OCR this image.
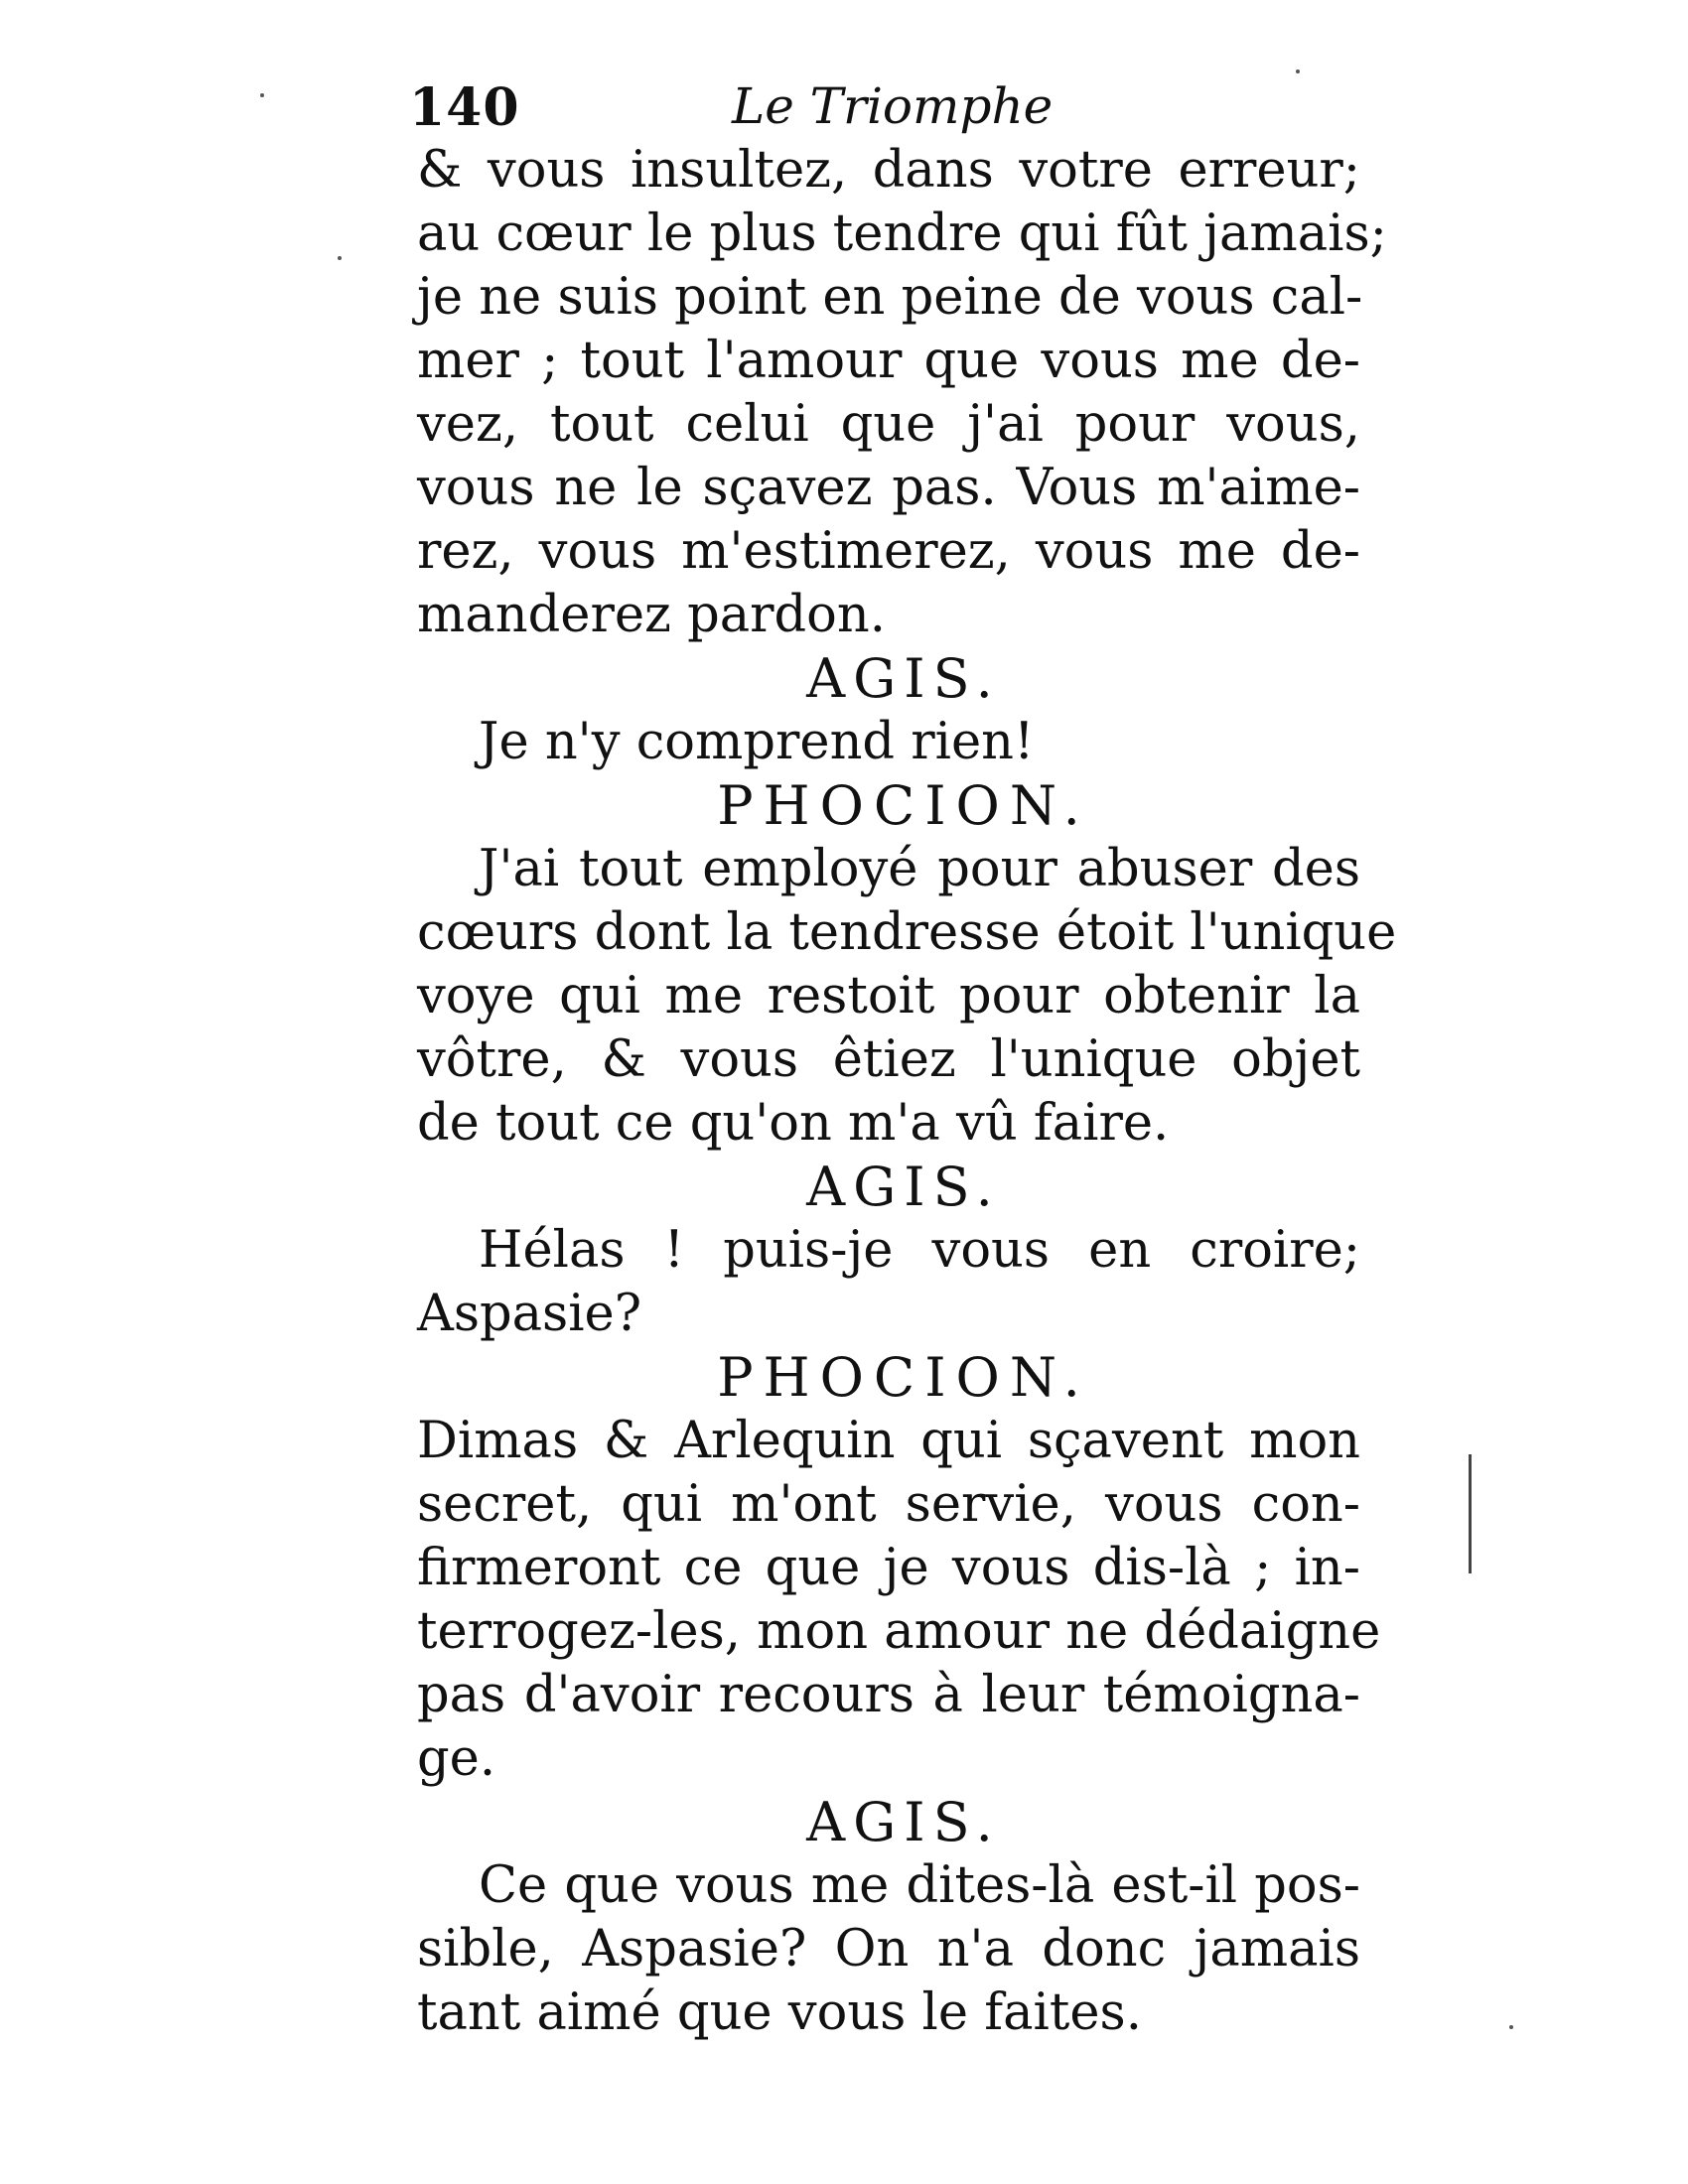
140	Le Triomphe
& vous insultez, dans votre erreur;
au cœur le plus tendre qui fût jamais;
je ne suis point en peine de vous cal-
mer ; tout l'amour que vous me de-
vez, tout celui que j'ai pour vous,
vous ne le sçavez pas. Vous m'aime-
rez, vous m'estimerez, vous me de-
manderez pardon.
AGIS.
Je n'y comprend rien!
PHOCION.
J'ai tout employé pour abuser des
cœurs dont la tendresse étoit l'unique
voye qui me restoit pour obtenir la
vôtre, & vous êtiez l'unique objet
de tout ce qu'on m'a vû faire.
AGIS.
Hélas ! puis-je vous en croire;
Aspasie?
PHOCION.
Dimas & Arlequin qui sçavent mon
secret, qui m'ont servie, vous con-
firmeront ce que je vous dis-là ; in-
terrogez-les, mon amour ne dédaigne
pas d'avoir recours à leur témoigna-
ge.
AGIS.
Ce que vous me dites-là est-il pos-
sible, Aspasie? On n'a donc jamais
tant aimé que vous le faites.
